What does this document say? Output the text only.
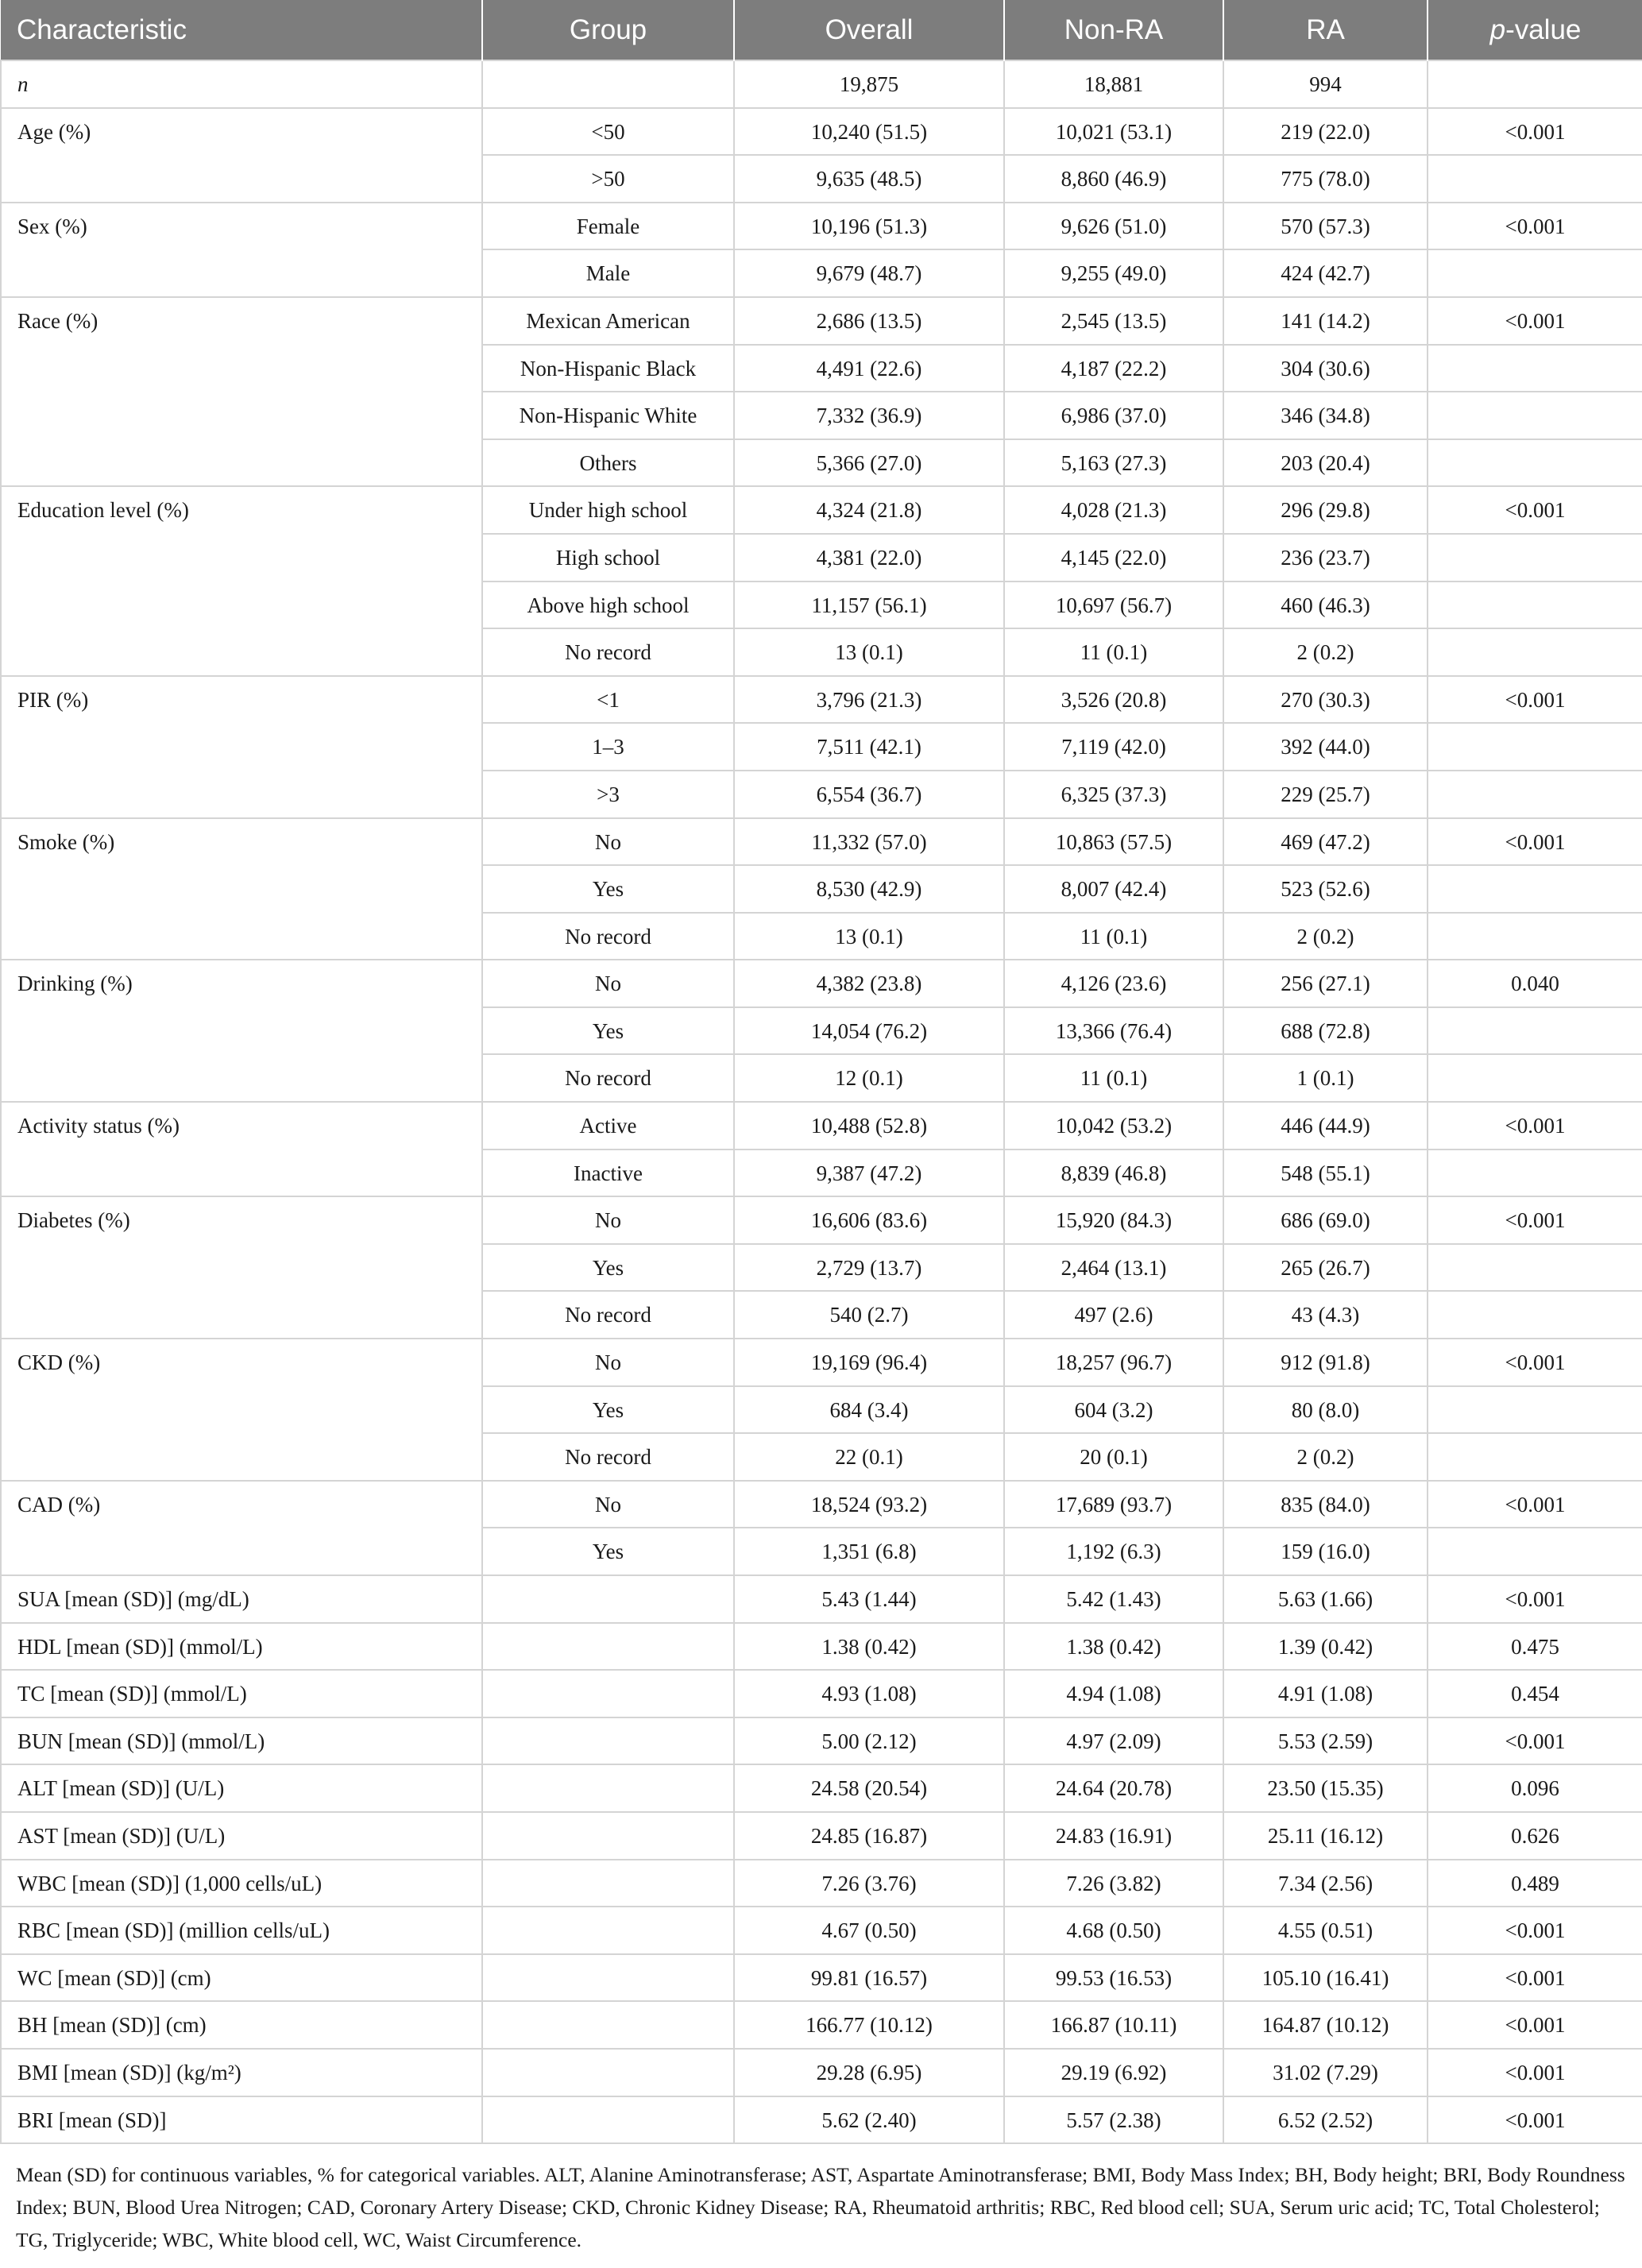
Characteristic	Group	Overall	Non-RA	RA	p-value
n		19,875	18,881	994	
Age (%)	<50	10,240 (51.5)	10,021 (53.1)	219 (22.0)	<0.001
	>50	9,635 (48.5)	8,860 (46.9)	775 (78.0)	
Sex (%)	Female	10,196 (51.3)	9,626 (51.0)	570 (57.3)	<0.001
	Male	9,679 (48.7)	9,255 (49.0)	424 (42.7)	
Race (%)	Mexican American	2,686 (13.5)	2,545 (13.5)	141 (14.2)	<0.001
	Non-Hispanic Black	4,491 (22.6)	4,187 (22.2)	304 (30.6)	
	Non-Hispanic White	7,332 (36.9)	6,986 (37.0)	346 (34.8)	
	Others	5,366 (27.0)	5,163 (27.3)	203 (20.4)	
Education level (%)	Under high school	4,324 (21.8)	4,028 (21.3)	296 (29.8)	<0.001
	High school	4,381 (22.0)	4,145 (22.0)	236 (23.7)	
	Above high school	11,157 (56.1)	10,697 (56.7)	460 (46.3)	
	No record	13 (0.1)	11 (0.1)	2 (0.2)	
PIR (%)	<1	3,796 (21.3)	3,526 (20.8)	270 (30.3)	<0.001
	1–3	7,511 (42.1)	7,119 (42.0)	392 (44.0)	
	>3	6,554 (36.7)	6,325 (37.3)	229 (25.7)	
Smoke (%)	No	11,332 (57.0)	10,863 (57.5)	469 (47.2)	<0.001
	Yes	8,530 (42.9)	8,007 (42.4)	523 (52.6)	
	No record	13 (0.1)	11 (0.1)	2 (0.2)	
Drinking (%)	No	4,382 (23.8)	4,126 (23.6)	256 (27.1)	0.040
	Yes	14,054 (76.2)	13,366 (76.4)	688 (72.8)	
	No record	12 (0.1)	11 (0.1)	1 (0.1)	
Activity status (%)	Active	10,488 (52.8)	10,042 (53.2)	446 (44.9)	<0.001
	Inactive	9,387 (47.2)	8,839 (46.8)	548 (55.1)	
Diabetes (%)	No	16,606 (83.6)	15,920 (84.3)	686 (69.0)	<0.001
	Yes	2,729 (13.7)	2,464 (13.1)	265 (26.7)	
	No record	540 (2.7)	497 (2.6)	43 (4.3)	
CKD (%)	No	19,169 (96.4)	18,257 (96.7)	912 (91.8)	<0.001
	Yes	684 (3.4)	604 (3.2)	80 (8.0)	
	No record	22 (0.1)	20 (0.1)	2 (0.2)	
CAD (%)	No	18,524 (93.2)	17,689 (93.7)	835 (84.0)	<0.001
	Yes	1,351 (6.8)	1,192 (6.3)	159 (16.0)	
SUA [mean (SD)] (mg/dL)		5.43 (1.44)	5.42 (1.43)	5.63 (1.66)	<0.001
HDL [mean (SD)] (mmol/L)		1.38 (0.42)	1.38 (0.42)	1.39 (0.42)	0.475
TC [mean (SD)] (mmol/L)		4.93 (1.08)	4.94 (1.08)	4.91 (1.08)	0.454
BUN [mean (SD)] (mmol/L)		5.00 (2.12)	4.97 (2.09)	5.53 (2.59)	<0.001
ALT [mean (SD)] (U/L)		24.58 (20.54)	24.64 (20.78)	23.50 (15.35)	0.096
AST [mean (SD)] (U/L)		24.85 (16.87)	24.83 (16.91)	25.11 (16.12)	0.626
WBC [mean (SD)] (1,000 cells/uL)		7.26 (3.76)	7.26 (3.82)	7.34 (2.56)	0.489
RBC [mean (SD)] (million cells/uL)		4.67 (0.50)	4.68 (0.50)	4.55 (0.51)	<0.001
WC [mean (SD)] (cm)		99.81 (16.57)	99.53 (16.53)	105.10 (16.41)	<0.001
BH [mean (SD)] (cm)		166.77 (10.12)	166.87 (10.11)	164.87 (10.12)	<0.001
BMI [mean (SD)] (kg/m²)		29.28 (6.95)	29.19 (6.92)	31.02 (7.29)	<0.001
BRI [mean (SD)]		5.62 (2.40)	5.57 (2.38)	6.52 (2.52)	<0.001
Mean (SD) for continuous variables, % for categorical variables. ALT, Alanine Aminotransferase; AST, Aspartate Aminotransferase; BMI, Body Mass Index; BH, Body height; BRI, Body Roundness Index; BUN, Blood Urea Nitrogen; CAD, Coronary Artery Disease; CKD, Chronic Kidney Disease; RA, Rheumatoid arthritis; RBC, Red blood cell; SUA, Serum uric acid; TC, Total Cholesterol; TG, Triglyceride; WBC, White blood cell, WC, Waist Circumference.
